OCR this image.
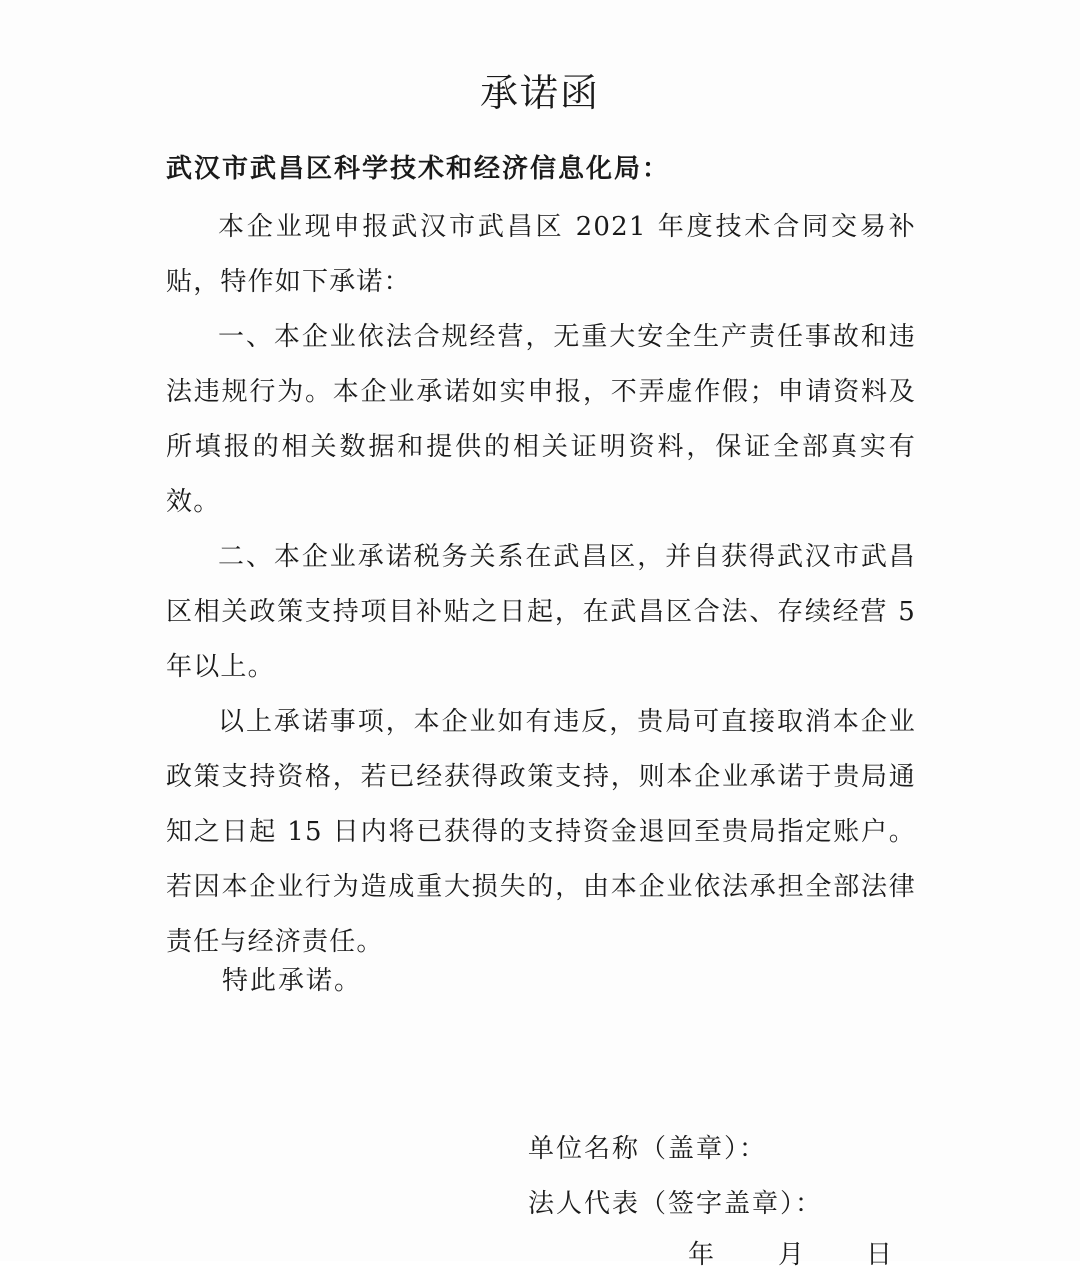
承诺函
武汉市武昌区科学技术和经济信息化局：

本企业现申报武汉市武昌区 2021 年度技术合同交易补贴，特作如下承诺：

一、本企业依法合规经营，无重大安全生产责任事故和违法违规行为。本企业承诺如实申报，不弄虚作假；申请资料及所填报的相关数据和提供的相关证明资料，保证全部真实有效。

二、本企业承诺税务关系在武昌区，并自获得武汉市武昌区相关政策支持项目补贴之日起，在武昌区合法、存续经营 5 年以上。

以上承诺事项，本企业如有违反，贵局可直接取消本企业政策支持资格，若已经获得政策支持，则本企业承诺于贵局通知之日起 15 日内将已获得的支持资金退回至贵局指定账户。若因本企业行为造成重大损失的，由本企业依法承担全部法律责任与经济责任。

特此承诺。
单位名称（盖章）：
法人代表（签字盖章）：
年 月 日
